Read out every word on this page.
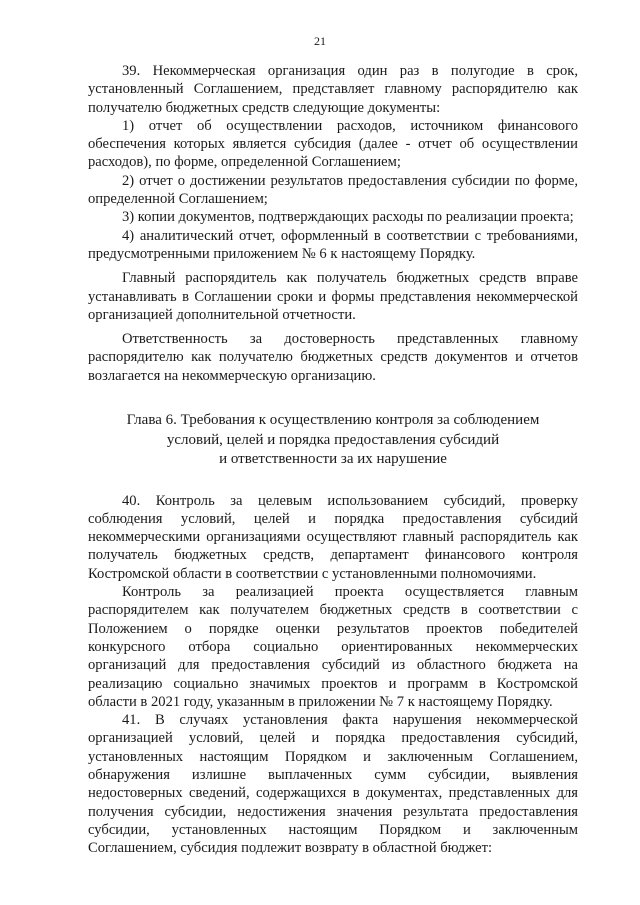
21

39. Некоммерческая организация один раз в полугодие в срок, установленный Соглашением, представляет главному распорядителю как получателю бюджетных средств следующие документы:

1) отчет об осуществлении расходов, источником финансового обеспечения которых является субсидия (далее - отчет об осуществлении расходов), по форме, определенной Соглашением;

2) отчет о достижении результатов предоставления субсидии по форме, определенной Соглашением;

3) копии документов, подтверждающих расходы по реализации проекта;

4) аналитический отчет, оформленный в соответствии с требованиями, предусмотренными приложением № 6 к настоящему Порядку.

Главный распорядитель как получатель бюджетных средств вправе устанавливать в Соглашении сроки и формы представления некоммерческой организацией дополнительной отчетности.

Ответственность за достоверность представленных главному распорядителю как получателю бюджетных средств документов и отчетов возлагается на некоммерческую организацию.

Глава 6. Требования к осуществлению контроля за соблюдением
условий, целей и порядка предоставления субсидий
и ответственности за их нарушение

40. Контроль за целевым использованием субсидий, проверку соблюдения условий, целей и порядка предоставления субсидий некоммерческими организациями осуществляют главный распорядитель как получатель бюджетных средств, департамент финансового контроля Костромской области в соответствии с установленными полномочиями.

Контроль за реализацией проекта осуществляется главным распорядителем как получателем бюджетных средств в соответствии с Положением о порядке оценки результатов проектов победителей конкурсного отбора социально ориентированных некоммерческих организаций для предоставления субсидий из областного бюджета на реализацию социально значимых проектов и программ в Костромской области в 2021 году, указанным в приложении № 7 к настоящему Порядку.

41. В случаях установления факта нарушения некоммерческой организацией условий, целей и порядка предоставления субсидий, установленных настоящим Порядком и заключенным Соглашением, обнаружения излишне выплаченных сумм субсидии, выявления недостоверных сведений, содержащихся в документах, представленных для получения субсидии, недостижения значения результата предоставления субсидии, установленных настоящим Порядком и заключенным Соглашением, субсидия подлежит возврату в областной бюджет:
